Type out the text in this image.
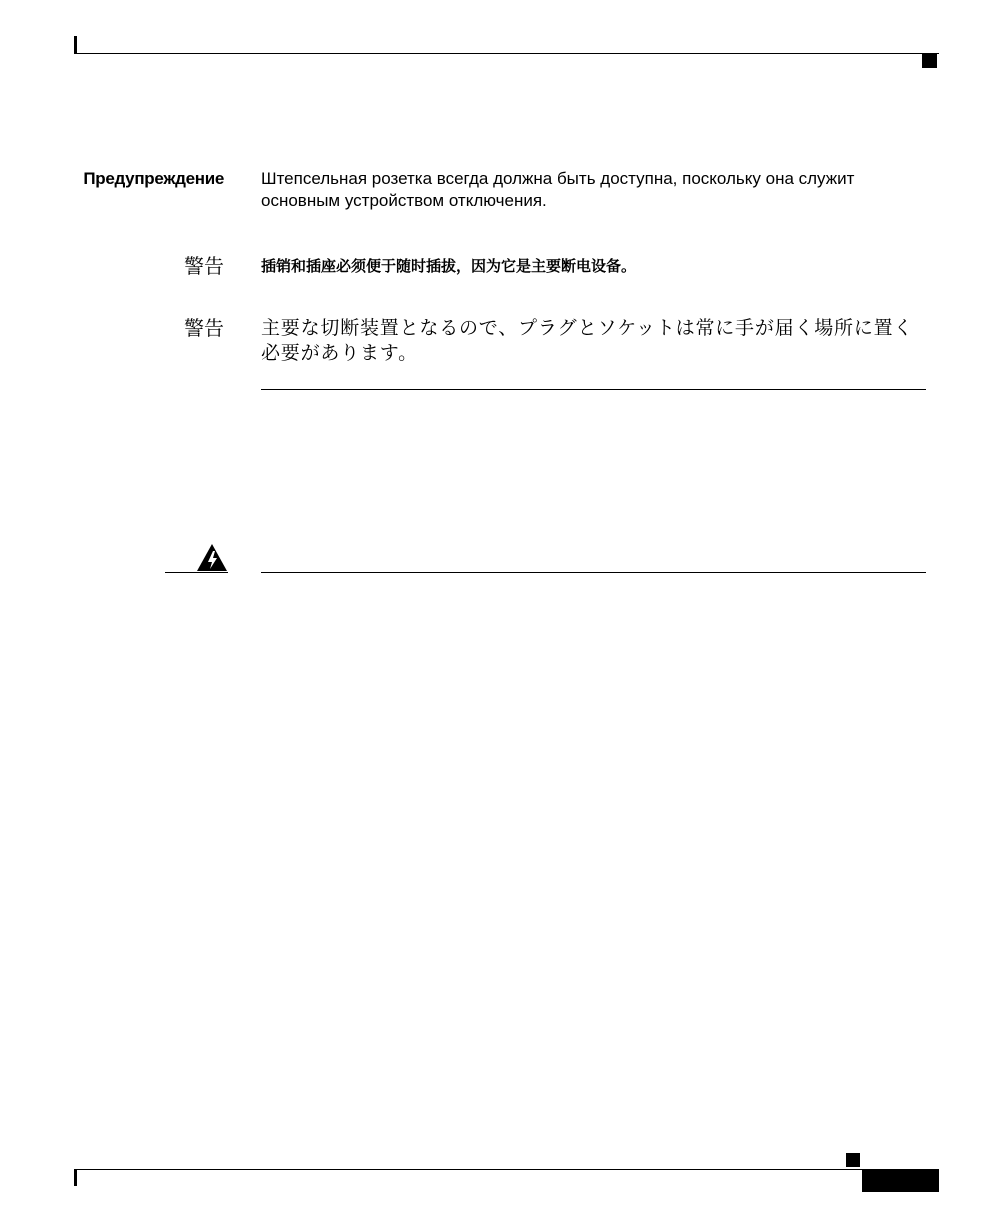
Предупреждение Штепсельная розетка всегда должна быть доступна, поскольку она служит основным устройством отключения.
警告 插销和插座必须便于随时插拔，因为它是主要断电设备。
警告 主要な切断装置となるので、プラグとソケットは常に手が届く場所に置く必要があります。
